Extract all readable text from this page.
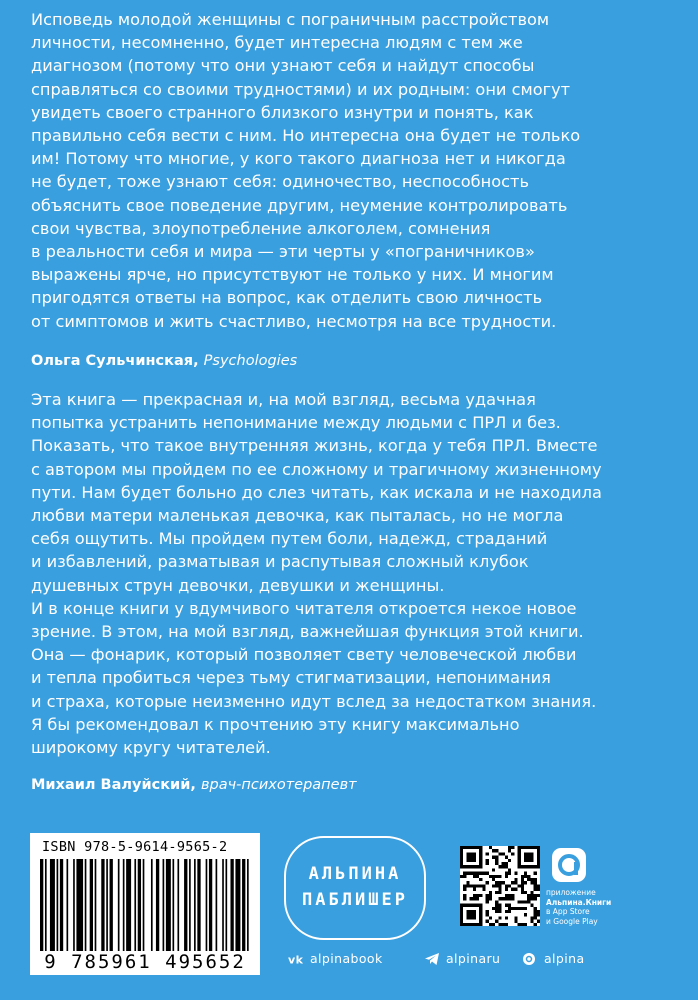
Исповедь молодой женщины с пограничным расстройством
личности, несомненно, будет интересна людям с тем же
диагнозом (потому что они узнают себя и найдут способы
справляться со своими трудностями) и их родным: они смогут
увидеть своего странного близкого изнутри и понять, как
правильно себя вести с ним. Но интересна она будет не только
им! Потому что многие, у кого такого диагноза нет и никогда
не будет, тоже узнают себя: одиночество, неспособность
объяснить свое поведение другим, неумение контролировать
свои чувства, злоупотребление алкоголем, сомнения
в реальности себя и мира — эти черты у «пограничников»
выражены ярче, но присутствуют не только у них. И многим
пригодятся ответы на вопрос, как отделить свою личность
от симптомов и жить счастливо, несмотря на все трудности.
Ольга Сульчинская, Psychologies
Эта книга — прекрасная и, на мой взгляд, весьма удачная
попытка устранить непонимание между людьми с ПРЛ и без.
Показать, что такое внутренняя жизнь, когда у тебя ПРЛ. Вместе
с автором мы пройдем по ее сложному и трагичному жизненному
пути. Нам будет больно до слез читать, как искала и не находила
любви матери маленькая девочка, как пыталась, но не могла
себя ощутить. Мы пройдем путем боли, надежд, страданий
и избавлений, разматывая и распутывая сложный клубок
душевных струн девочки, девушки и женщины.
И в конце книги у вдумчивого читателя откроется некое новое
зрение. В этом, на мой взгляд, важнейшая функция этой книги.
Она — фонарик, который позволяет свету человеческой любви
и тепла пробиться через тьму стигматизации, непонимания
и страха, которые неизменно идут вслед за недостатком знания.
Я бы рекомендовал к прочтению эту книгу максимально
широкому кругу читателей.
Михаил Валуйский, врач-психотерапевт
ISBN 978-5-9614-9565-2
9 785961 495652
АЛЬПИНА
ПАБЛИШЕР	приложение
Альпина.Книги
в App Store
и Google Play
vk alpinabook	alpinaru	alpina
